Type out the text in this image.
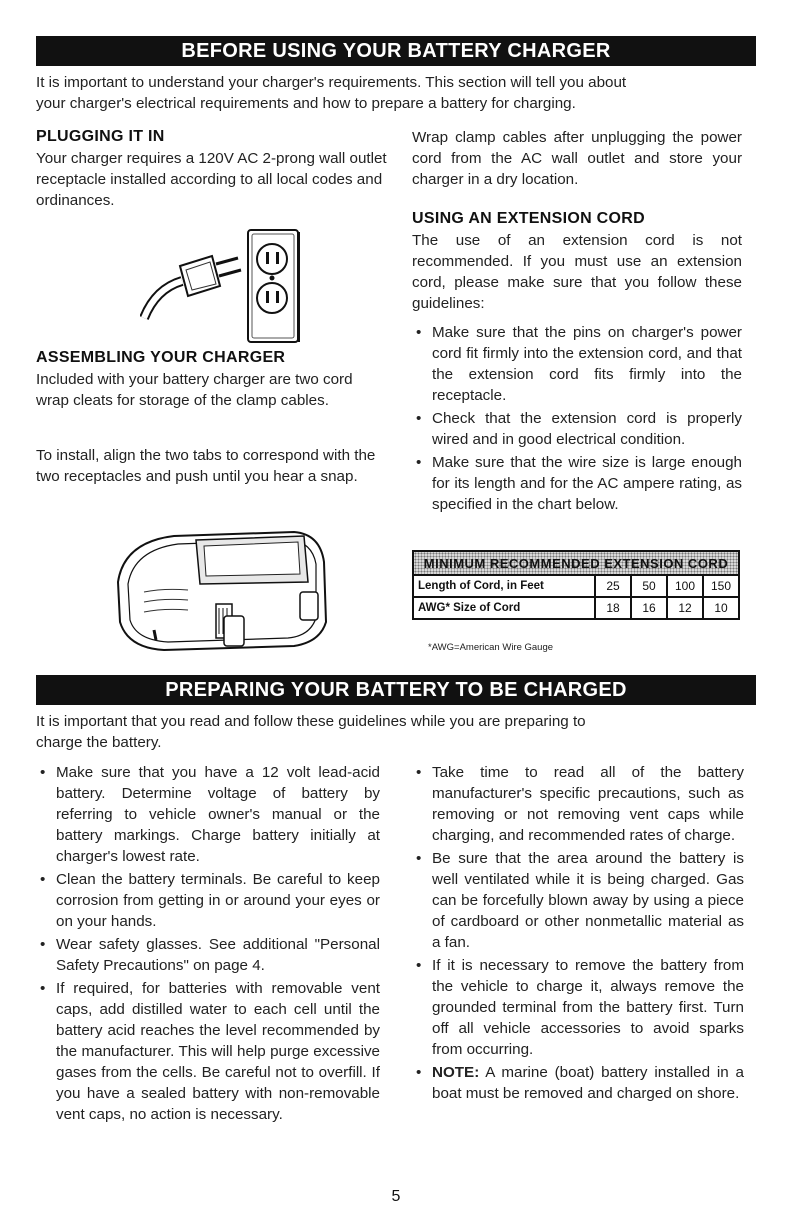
BEFORE USING YOUR BATTERY CHARGER

It is important to understand your charger's requirements. This section will tell you about

your charger's electrical requirements and how to prepare a battery for charging.

PLUGGING IT IN

Your charger requires a 120V AC 2-prong wall outlet receptacle installed according to all local codes and ordinances.

ASSEMBLING YOUR CHARGER

Included with your battery charger are two cord wrap cleats for storage of the clamp cables.

To install, align the two tabs to correspond with the two receptacles and push until you hear a snap.

Wrap clamp cables after unplugging the power cord from the AC wall outlet and store your charger in a dry location.

USING AN EXTENSION CORD

The use of an extension cord is not recommended. If you must use an extension cord, please make sure that you follow these guidelines:

• Make sure that the pins on charger's power cord fit firmly into the extension cord, and that the extension cord fits firmly into the receptacle.
• Check that the extension cord is properly wired and in good electrical condition.
• Make sure that the wire size is large enough for its length and for the AC ampere rating, as specified in the chart below.
MINIMUM RECOMMENDED EXTENSION CORD				
Length of Cord, in Feet	25	50	100	150
AWG* Size of Cord	18	16	12	10
*AWG=American Wire Gauge
PREPARING YOUR BATTERY TO BE CHARGED

It is important that you read and follow these guidelines while you are preparing to

charge the battery.

• Make sure that you have a 12 volt lead-acid battery. Determine voltage of battery by referring to vehicle owner's manual or the battery markings. Charge battery initially at charger's lowest rate.
• Clean the battery terminals. Be careful to keep corrosion from getting in or around your eyes or on your hands.
• Wear safety glasses. See additional "Personal Safety Precautions" on page 4.
• If required, for batteries with removable vent caps, add distilled water to each cell until the battery acid reaches the level recommended by the manufacturer. This will help purge excessive gases from the cells. Be careful not to overfill. If you have a sealed battery with non-removable vent caps, no action is necessary.
• Take time to read all of the battery manufacturer's specific precautions, such as removing or not removing vent caps while charging, and recommended rates of charge.
• Be sure that the area around the battery is well ventilated while it is being charged. Gas can be forcefully blown away by using a piece of cardboard or other nonmetallic material as a fan.
• If it is necessary to remove the battery from the vehicle to charge it, always remove the grounded terminal from the battery first. Turn off all vehicle accessories to avoid sparks from occurring.
• NOTE: A marine (boat) battery installed in a boat must be removed and charged on shore.
5
